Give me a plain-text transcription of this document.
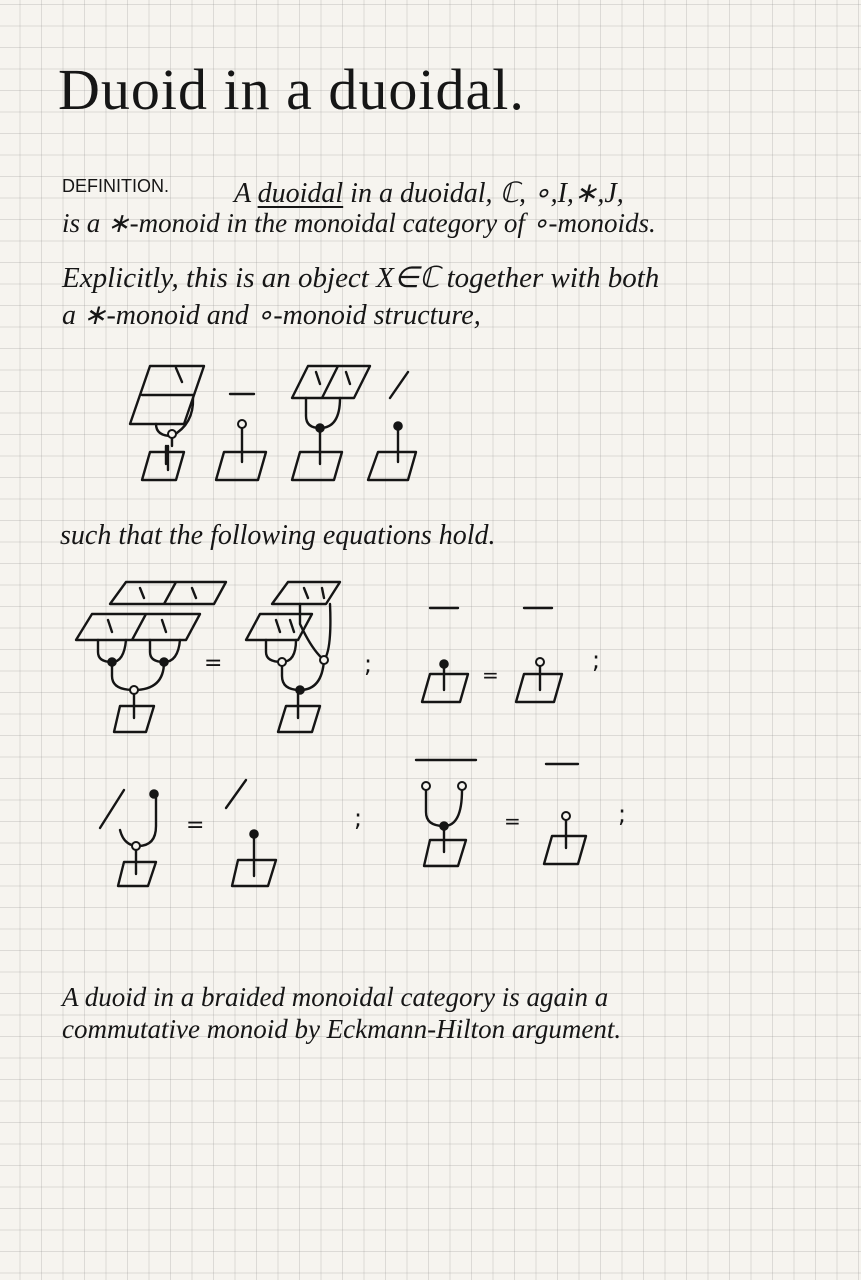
Duoid in a duoidal.

DEFINITION. A duoidal in a duoidal, ℂ, ∘,I,∗,J,

is a ∗-monoid in the monoidal category of ∘-monoids.

Explicitly, this is an object X∈ℂ together with both

a ∗-monoid and ∘-monoid structure,

such that the following equations hold.

A duoid in a braided monoidal category is again a

commutative monoid by Eckmann-Hilton argument.

=	;	=
;
=	;	=	;
